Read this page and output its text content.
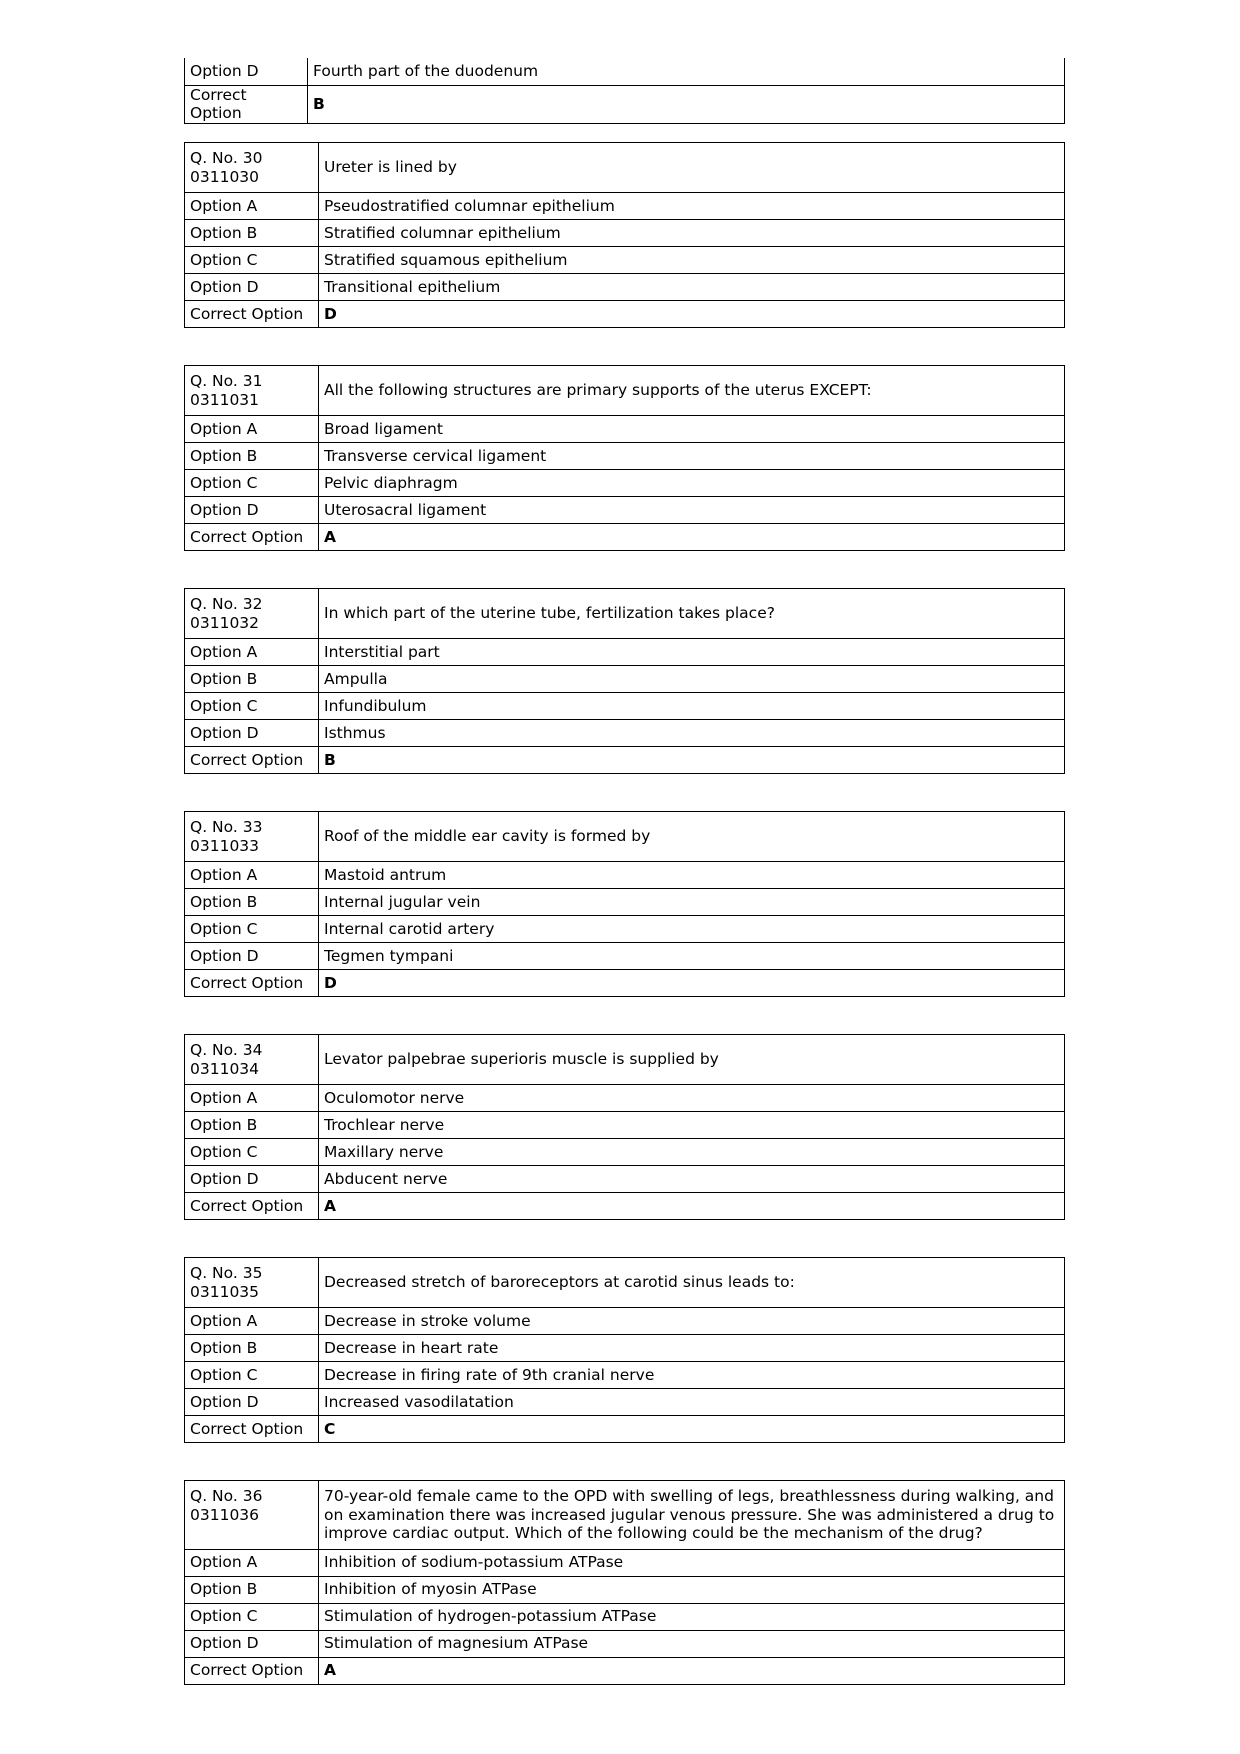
Option D	Fourth part of the duodenum
Correct Option	B
Q. No. 30
0311030	Ureter is lined by
Option A	Pseudostratified columnar epithelium
Option B	Stratified columnar epithelium
Option C	Stratified squamous epithelium
Option D	Transitional epithelium
Correct Option	D
Q. No. 31
0311031	All the following structures are primary supports of the uterus EXCEPT:
Option A	Broad ligament
Option B	Transverse cervical ligament
Option C	Pelvic diaphragm
Option D	Uterosacral ligament
Correct Option	A
Q. No. 32
0311032	In which part of the uterine tube, fertilization takes place?
Option A	Interstitial part
Option B	Ampulla
Option C	Infundibulum
Option D	Isthmus
Correct Option	B
Q. No. 33
0311033	Roof of the middle ear cavity is formed by
Option A	Mastoid antrum
Option B	Internal jugular vein
Option C	Internal carotid artery
Option D	Tegmen tympani
Correct Option	D
Q. No. 34
0311034	Levator palpebrae superioris muscle is supplied by
Option A	Oculomotor nerve
Option B	Trochlear nerve
Option C	Maxillary nerve
Option D	Abducent nerve
Correct Option	A
Q. No. 35
0311035	Decreased stretch of baroreceptors at carotid sinus leads to:
Option A	Decrease in stroke volume
Option B	Decrease in heart rate
Option C	Decrease in firing rate of 9th cranial nerve
Option D	Increased vasodilatation
Correct Option	C
Q. No. 36
0311036	70-year-old female came to the OPD with swelling of legs, breathlessness during walking, and on examination there was increased jugular venous pressure. She was administered a drug to improve cardiac output. Which of the following could be the mechanism of the drug?
Option A	Inhibition of sodium-potassium ATPase
Option B	Inhibition of myosin ATPase
Option C	Stimulation of hydrogen-potassium ATPase
Option D	Stimulation of magnesium ATPase
Correct Option	A
